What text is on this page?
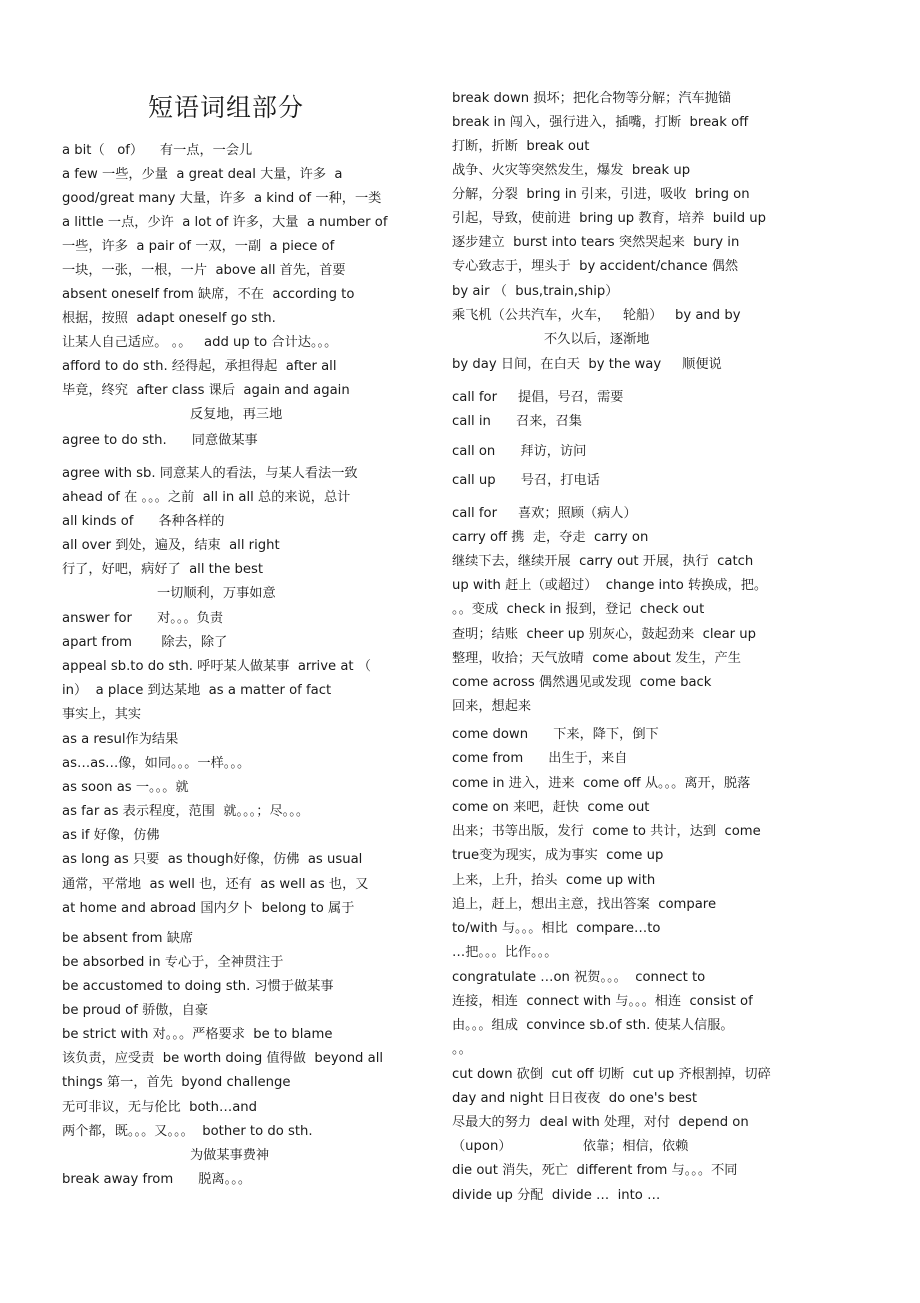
短语词组部分
a bit（   of）    有一点，一会儿
a few 一些，少量  a great deal 大量，许多  a
good/great many 大量，许多  a kind of 一种，一类
a little 一点，少许  a lot of 许多，大量  a number of
一些，许多  a pair of 一双，一副  a piece of
一块，一张，一根，一片  above all 首先，首要
absent oneself from 缺席，不在  according to
根据，按照  adapt oneself go sth.
让某人自己适应。 。。   add up to 合计达。。。
afford to do sth. 经得起，承担得起  after all
毕竟，终究  after class 课后  again and again
反复地，再三地
agree to do sth.      同意做某事
agree with sb. 同意某人的看法，与某人看法一致
ahead of 在 。。。之前  all in all 总的来说，总计
all kinds of      各种各样的
all over 到处，遍及，结束  all right
行了，好吧，病好了  all the best
一切顺利，万事如意
answer for      对。。。负责
apart from       除去，除了
appeal sb.to do sth. 呼吁某人做某事  arrive at （
in）  a place 到达某地  as a matter of fact
事实上，其实
as a resul作为结果
as…as…像，如同。。。一样。。。
as soon as 一。。。就
as far as 表示程度，范围  就。。。；尽。。。
as if 好像，仿佛
as long as 只要  as though好像，仿佛  as usual
通常，平常地  as well 也，还有  as well as 也，又
at home and abroad 国内夕卜  belong to 属于
be absent from 缺席
be absorbed in 专心于，全神贯注于
be accustomed to doing sth. 习惯于做某事
be proud of 骄傲，自豪
be strict with 对。。。严格要求  be to blame
该负责，应受责  be worth doing 值得做  beyond all
things 第一，首先  byond challenge
无可非议，无与伦比  both…and
两个都，既。。。又。。。  bother to do sth.
为做某事费神
break away from      脱离。。。
break down 损坏；把化合物等分解；汽车抛锚
break in 闯入，强行进入，插嘴，打断  break off
打断，折断  break out
战争、火灾等突然发生，爆发  break up
分解，分裂  bring in 引来，引进，吸收  bring on
引起，导致，使前进  bring up 教育，培养  build up
逐步建立  burst into tears 突然哭起来  bury in
专心致志于，埋头于  by accident/chance 偶然
by air （  bus,train,ship）
乘飞机（公共汽车，火车，   轮船）   by and by
不久以后，逐渐地
by day 日间，在白天  by the way     顺便说
call for     提倡，号召，需要
call in      召来，召集
call on      拜访，访问
call up      号召，打电话
call for     喜欢；照顾（病人）
carry off 携  走，夺走  carry on
继续下去，继续开展  carry out 开展，执行  catch
up with 赶上（或超过）  change into 转换成，把。
。。变成  check in 报到，登记  check out
查明；结账  cheer up 别灰心，鼓起劲来  clear up
整理，收拾；天气放晴  come about 发生，产生
come across 偶然遇见或发现  come back
回来，想起来
come down      下来，降下，倒下
come from      出生于，来自
come in 进入，进来  come off 从。。。离开，脱落
come on 来吧，赶快  come out
出来；书等出版，发行  come to 共计，达到  come
true变为现实，成为事实  come up
上来，上升，抬头  come up with
追上，赶上，想出主意，找出答案  compare
to/with 与。。。相比  compare…to
…把。。。比作。。。
congratulate …on 祝贺。。。  connect to
连接，相连  connect with 与。。。相连  consist of
由。。。组成  convince sb.of sth. 使某人信服。
。。
cut down 砍倒  cut off 切断  cut up 齐根割掉，切碎
day and night 日日夜夜  do one's best
尽最大的努力  deal with 处理，对付  depend on
（upon）                 依靠；相信，依赖
die out 消失，死亡  different from 与。。。不同
divide up 分配  divide …  into …
